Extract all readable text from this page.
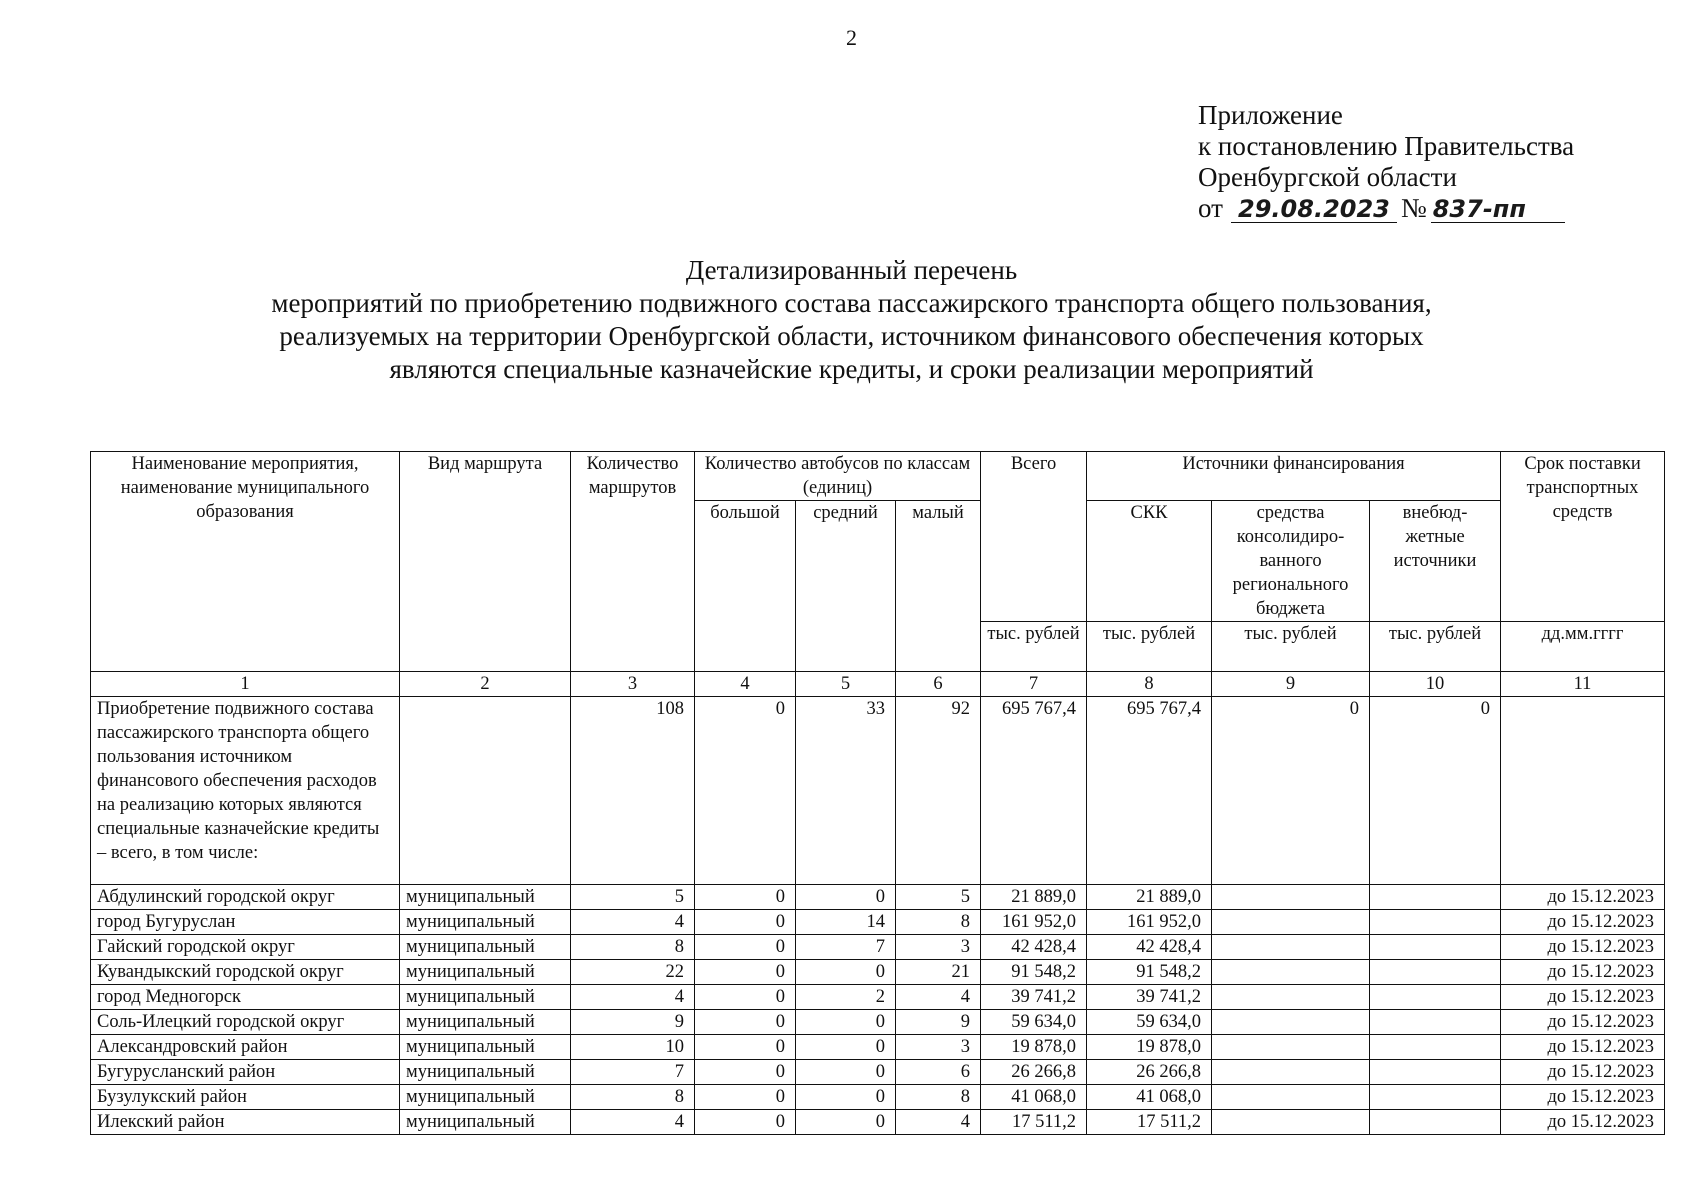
2
Приложение
к постановлению Правительства
Оренбургской области
от 29.08.2023 № 837-пп
Детализированный перечень
мероприятий по приобретению подвижного состава пассажирского транспорта общего пользования,
реализуемых на территории Оренбургской области, источником финансового обеспечения которых
являются специальные казначейские кредиты, и сроки реализации мероприятий
Наименование мероприятия, наименование муниципального образования	Вид маршрута	Количество маршрутов	Количество автобусов по классам (единиц)			Всего	Источники финансирования			Срок поставки транспортных средств
			большой	средний	малый		СКК	средства консолидиро-ванного регионального бюджета	внебюд-жетные источники	
						тыс. рублей	тыс. рублей	тыс. рублей	тыс. рублей	дд.мм.гггг
1	2	3	4	5	6	7	8	9	10	11
Приобретение подвижного состава пассажирского транспорта общего пользования источником финансового обеспечения расходов на реализацию которых являются специальные казначейские кредиты – всего, в том числе:		108	0	33	92	695 767,4	695 767,4	0	0	
Абдулинский городской округ	муниципальный	5	0	0	5	21 889,0	21 889,0			до 15.12.2023
город Бугуруслан	муниципальный	4	0	14	8	161 952,0	161 952,0			до 15.12.2023
Гайский городской округ	муниципальный	8	0	7	3	42 428,4	42 428,4			до 15.12.2023
Кувандыкский городской округ	муниципальный	22	0	0	21	91 548,2	91 548,2			до 15.12.2023
город Медногорск	муниципальный	4	0	2	4	39 741,2	39 741,2			до 15.12.2023
Соль-Илецкий городской округ	муниципальный	9	0	0	9	59 634,0	59 634,0			до 15.12.2023
Александровский район	муниципальный	10	0	0	3	19 878,0	19 878,0			до 15.12.2023
Бугурусланский район	муниципальный	7	0	0	6	26 266,8	26 266,8			до 15.12.2023
Бузулукский район	муниципальный	8	0	0	8	41 068,0	41 068,0			до 15.12.2023
Илекский район	муниципальный	4	0	0	4	17 511,2	17 511,2			до 15.12.2023
